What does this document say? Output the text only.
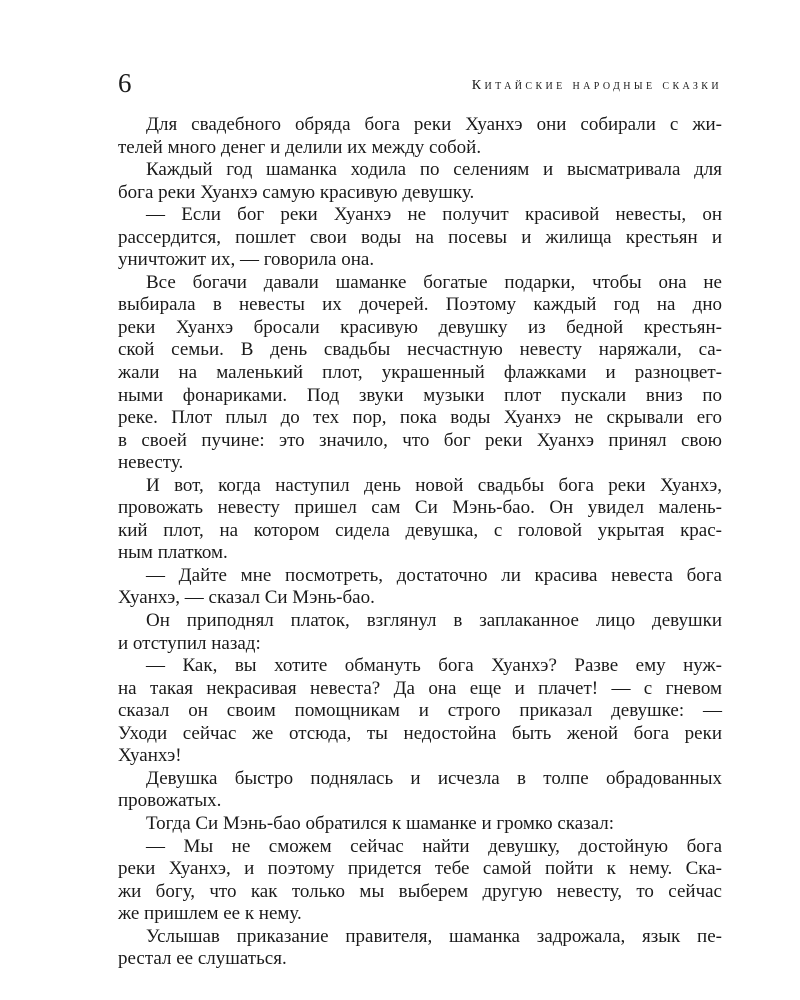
6	Китайские народные сказки
Для свадебного обряда бога реки Хуанхэ они собирали с жи-
телей много денег и делили их между собой.
Каждый год шаманка ходила по селениям и высматривала для
бога реки Хуанхэ самую красивую девушку.
— Если бог реки Хуанхэ не получит красивой невесты, он
рассердится, пошлет свои воды на посевы и жилища крестьян и
уничтожит их, — говорила она.
Все богачи давали шаманке богатые подарки, чтобы она не
выбирала в невесты их дочерей. Поэтому каждый год на дно
реки Хуанхэ бросали красивую девушку из бедной крестьян-
ской семьи. В день свадьбы несчастную невесту наряжали, са-
жали на маленький плот, украшенный флажками и разноцвет-
ными фонариками. Под звуки музыки плот пускали вниз по
реке. Плот плыл до тех пор, пока воды Хуанхэ не скрывали его
в своей пучине: это значило, что бог реки Хуанхэ принял свою
невесту.
И вот, когда наступил день новой свадьбы бога реки Хуанхэ,
провожать невесту пришел сам Си Мэнь-бао. Он увидел малень-
кий плот, на котором сидела девушка, с головой укрытая крас-
ным платком.
— Дайте мне посмотреть, достаточно ли красива невеста бога
Хуанхэ, — сказал Си Мэнь-бао.
Он приподнял платок, взглянул в заплаканное лицо девушки
и отступил назад:
— Как, вы хотите обмануть бога Хуанхэ? Разве ему нуж-
на такая некрасивая невеста? Да она еще и плачет! — с гневом
сказал он своим помощникам и строго приказал девушке: —
Уходи сейчас же отсюда, ты недостойна быть женой бога реки
Хуанхэ!
Девушка быстро поднялась и исчезла в толпе обрадованных
провожатых.
Тогда Си Мэнь-бао обратился к шаманке и громко сказал:
— Мы не сможем сейчас найти девушку, достойную бога
реки Хуанхэ, и поэтому придется тебе самой пойти к нему. Ска-
жи богу, что как только мы выберем другую невесту, то сейчас
же пришлем ее к нему.
Услышав приказание правителя, шаманка задрожала, язык пе-
рестал ее слушаться.
